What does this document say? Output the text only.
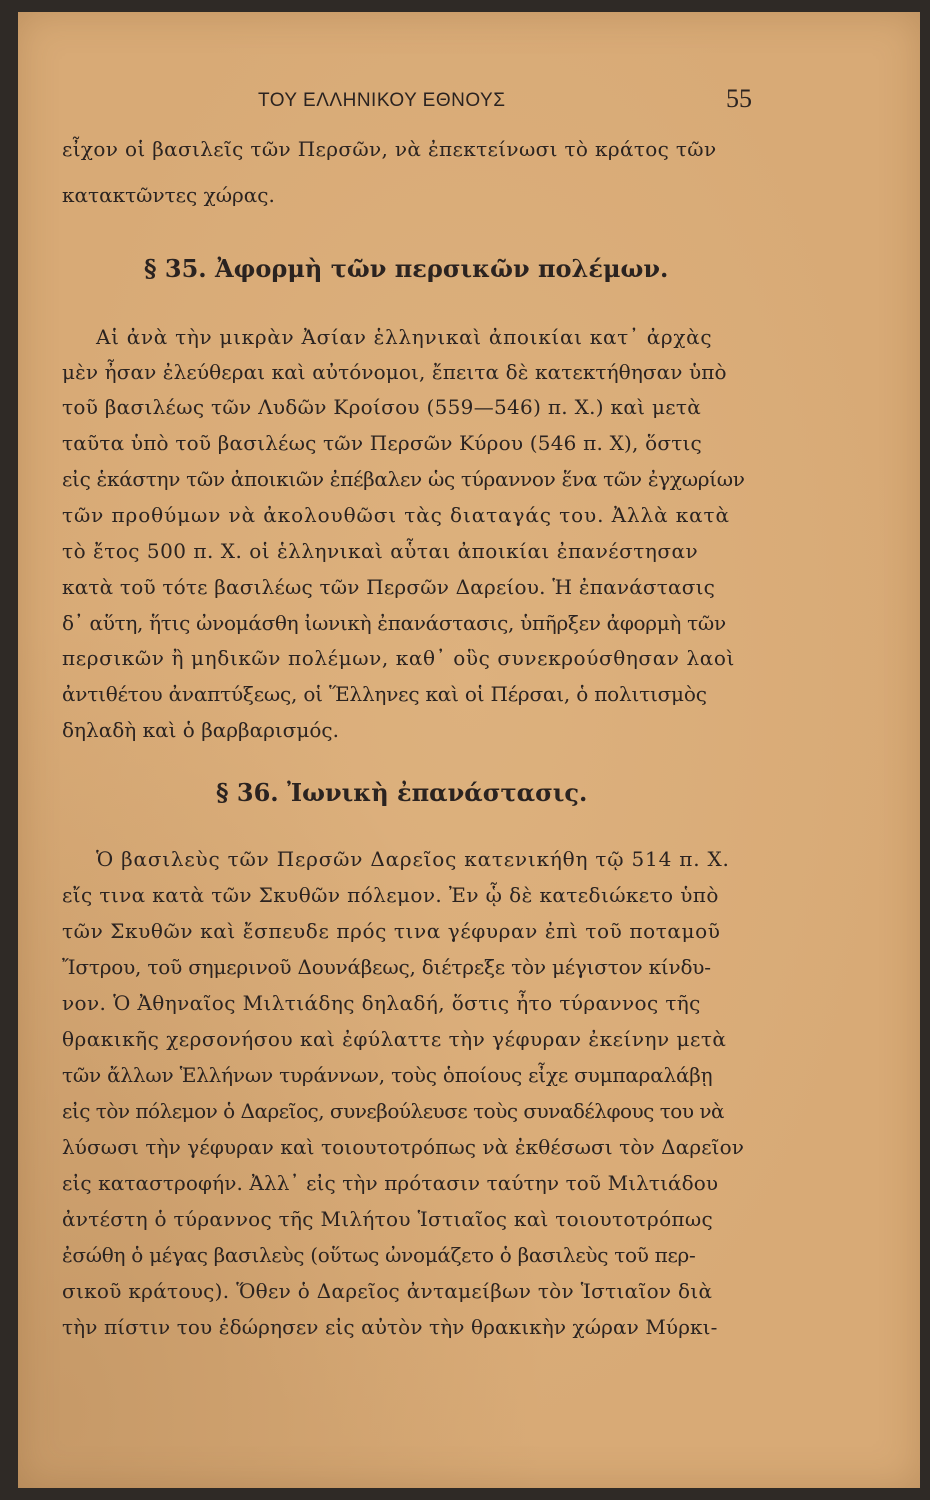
ΤΟΥ ΕΛΛΗΝΙΚΟΥ ΕΘΝΟΥΣ	55
εἶχον οἱ βασιλεῖς τῶν Περσῶν, νὰ ἐπεκτείνωσι τὸ κράτος τῶν
κατακτῶντες χώρας.
§ 35. Ἀφορμὴ τῶν περσικῶν πολέμων.
Αἱ ἀνὰ τὴν μικρὰν Ἀσίαν ἑλληνικαὶ ἀποικίαι κατ᾽ ἀρχὰς
μὲν ἦσαν ἐλεύθεραι καὶ αὐτόνομοι, ἔπειτα δὲ κατεκτήθησαν ὑπὸ
τοῦ βασιλέως τῶν Λυδῶν Κροίσου (559—546) π. Χ.) καὶ μετὰ
ταῦτα ὑπὸ τοῦ βασιλέως τῶν Περσῶν Κύρου (546 π. Χ), ὅστις
εἰς ἑκάστην τῶν ἀποικιῶν ἐπέβαλεν ὡς τύραννον ἕνα τῶν ἐγχωρίων
τῶν προθύμων νὰ ἀκολουθῶσι τὰς διαταγάς του. Ἀλλὰ κατὰ
τὸ ἔτος 500 π. Χ. οἱ ἑλληνικαὶ αὗται ἀποικίαι ἐπανέστησαν
κατὰ τοῦ τότε βασιλέως τῶν Περσῶν Δαρείου. Ἡ ἐπανάστασις
δ᾽ αὕτη, ἥτις ὠνομάσθη ἰωνικὴ ἐπανάστασις, ὑπῆρξεν ἀφορμὴ τῶν
περσικῶν ἢ μηδικῶν πολέμων, καθ᾽ οὓς συνεκρούσθησαν λαοὶ
ἀντιθέτου ἀναπτύξεως, οἱ Ἕλληνες καὶ οἱ Πέρσαι, ὁ πολιτισμὸς
δηλαδὴ καὶ ὁ βαρβαρισμός.
§ 36. Ἰωνικὴ ἐπανάστασις.
Ὁ βασιλεὺς τῶν Περσῶν Δαρεῖος κατενικήθη τῷ 514 π. Χ.
εἴς τινα κατὰ τῶν Σκυθῶν πόλεμον. Ἐν ᾧ δὲ κατεδιώκετο ὑπὸ
τῶν Σκυθῶν καὶ ἔσπευδε πρός τινα γέφυραν ἐπὶ τοῦ ποταμοῦ
Ἴστρου, τοῦ σημερινοῦ Δουνάβεως, διέτρεξε τὸν μέγιστον κίνδυ-
νον. Ὁ Ἀθηναῖος Μιλτιάδης δηλαδή, ὅστις ἦτο τύραννος τῆς
θρακικῆς χερσονήσου καὶ ἐφύλαττε τὴν γέφυραν ἐκείνην μετὰ
τῶν ἄλλων Ἑλλήνων τυράννων, τοὺς ὁποίους εἶχε συμπαραλάβῃ
εἰς τὸν πόλεμον ὁ Δαρεῖος, συνεβούλευσε τοὺς συναδέλφους του νὰ
λύσωσι τὴν γέφυραν καὶ τοιουτοτρόπως νὰ ἐκθέσωσι τὸν Δαρεῖον
εἰς καταστροφήν. Ἀλλ᾽ εἰς τὴν πρότασιν ταύτην τοῦ Μιλτιάδου
ἀντέστη ὁ τύραννος τῆς Μιλήτου Ἱστιαῖος καὶ τοιουτοτρόπως
ἐσώθη ὁ μέγας βασιλεὺς (οὕτως ὠνομάζετο ὁ βασιλεὺς τοῦ περ-
σικοῦ κράτους). Ὅθεν ὁ Δαρεῖος ἀνταμείβων τὸν Ἱστιαῖον διὰ
τὴν πίστιν του ἐδώρησεν εἰς αὐτὸν τὴν θρακικὴν χώραν Μύρκι-
